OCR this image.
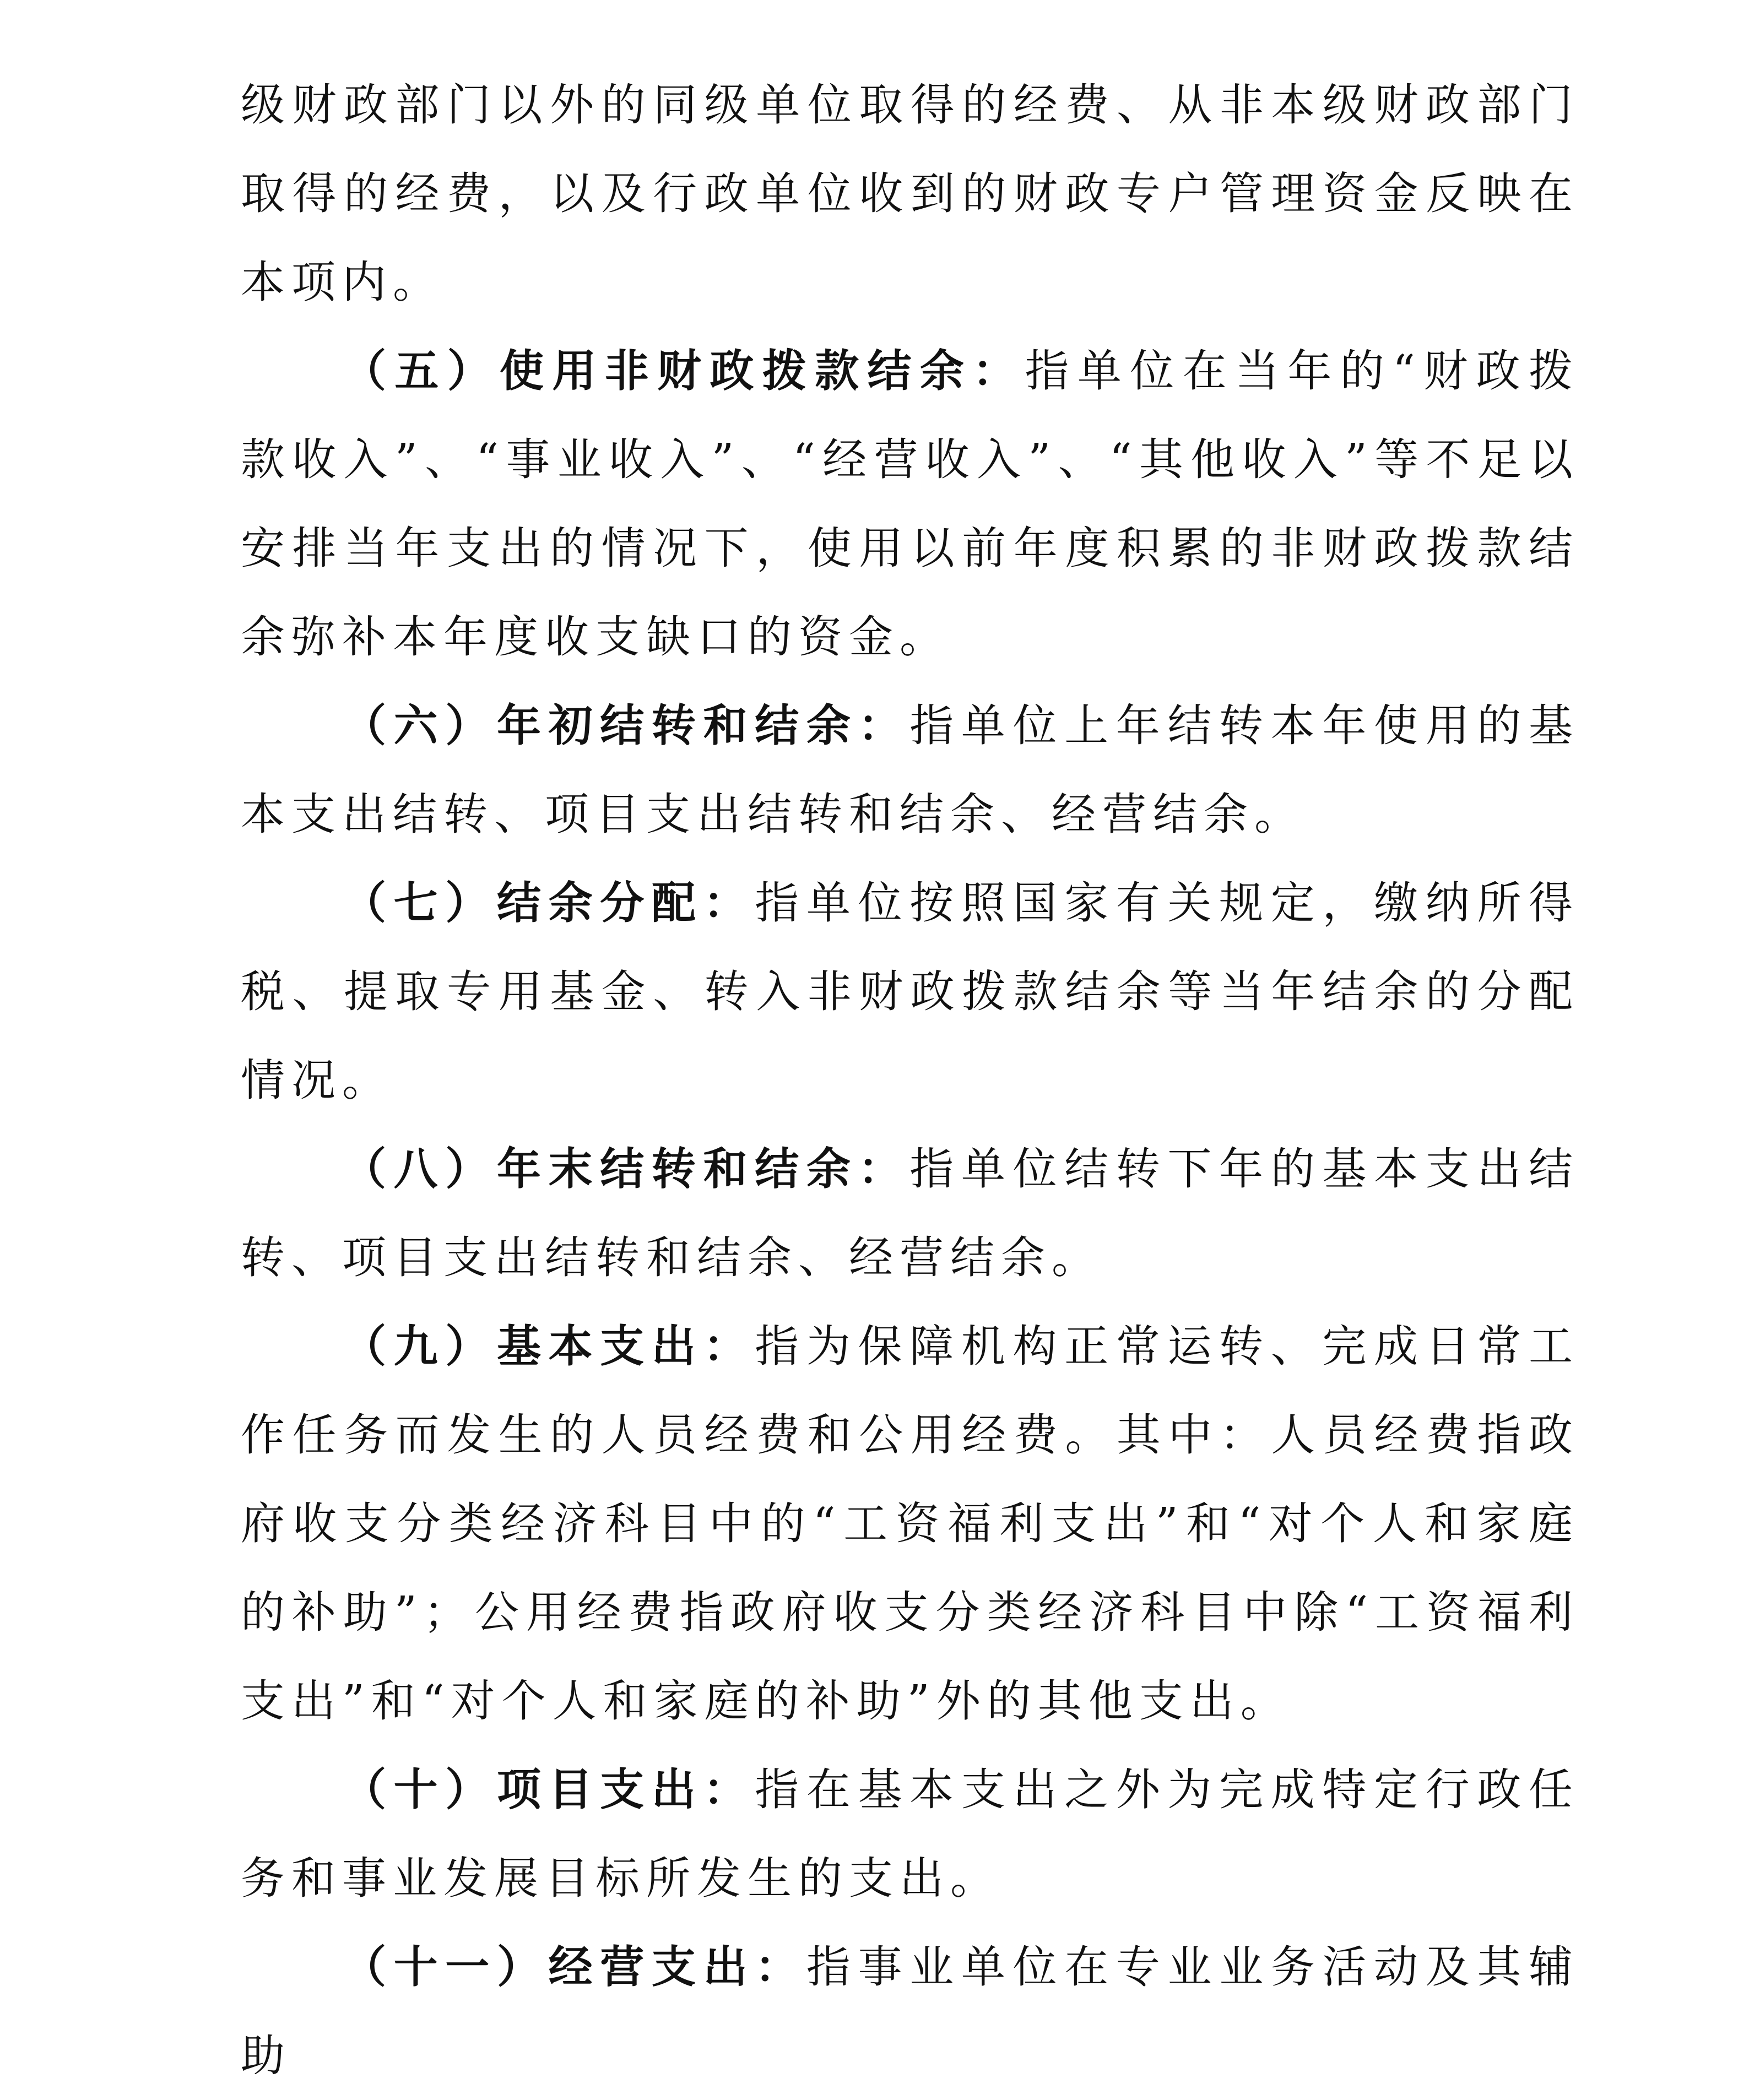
级财政部门以外的同级单位取得的经费、从非本级财政部门取得的经费，以及行政单位收到的财政专户管理资金反映在本项内。

（五）使用非财政拨款结余：指单位在当年的“财政拨款收入”、“事业收入”、“经营收入”、“其他收入”等不足以安排当年支出的情况下，使用以前年度积累的非财政拨款结余弥补本年度收支缺口的资金。

（六）年初结转和结余：指单位上年结转本年使用的基本支出结转、项目支出结转和结余、经营结余。

（七）结余分配：指单位按照国家有关规定，缴纳所得税、提取专用基金、转入非财政拨款结余等当年结余的分配情况。

（八）年末结转和结余：指单位结转下年的基本支出结转、项目支出结转和结余、经营结余。

（九）基本支出：指为保障机构正常运转、完成日常工作任务而发生的人员经费和公用经费。其中：人员经费指政府收支分类经济科目中的“工资福利支出”和“对个人和家庭的补助”；公用经费指政府收支分类经济科目中除“工资福利支出”和“对个人和家庭的补助”外的其他支出。

（十）项目支出：指在基本支出之外为完成特定行政任务和事业发展目标所发生的支出。

（十一）经营支出：指事业单位在专业业务活动及其辅助
